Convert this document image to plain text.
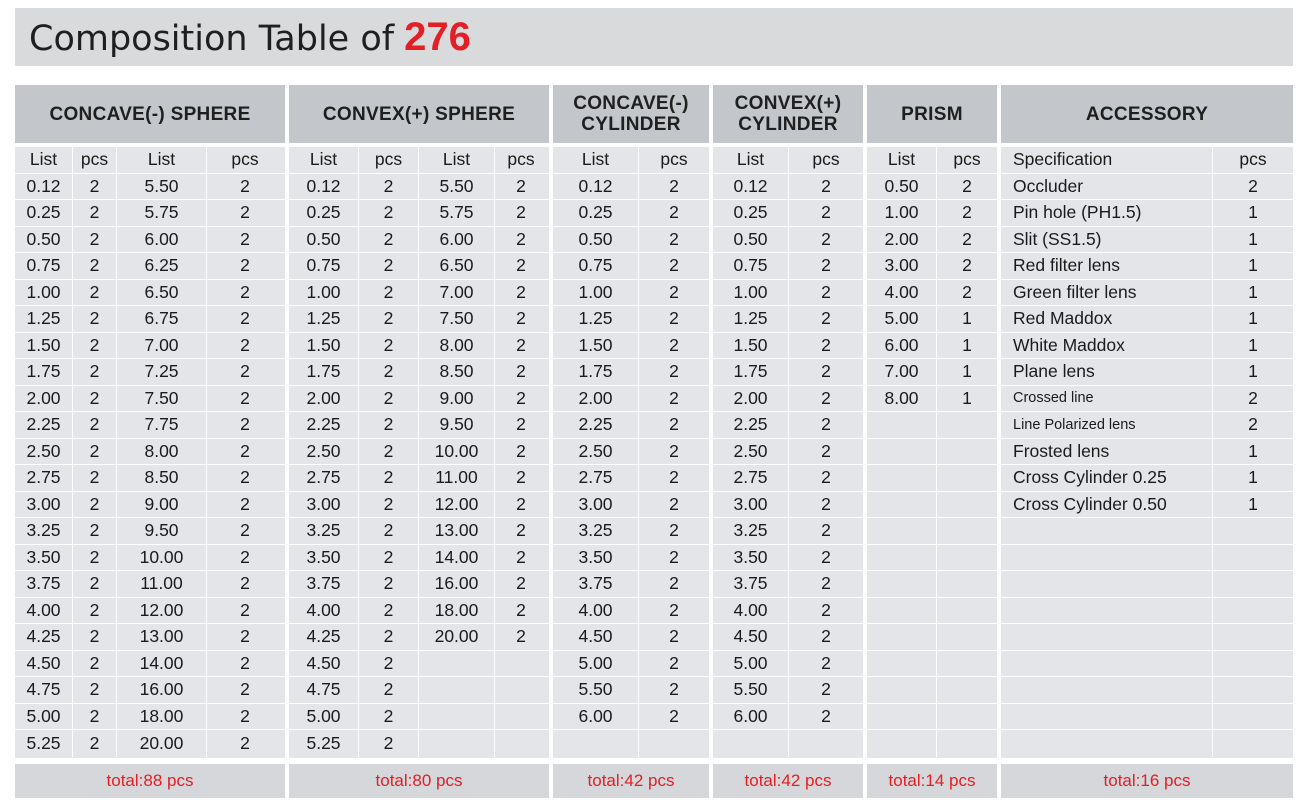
Composition Table of 276
CONCAVE(-) SPHERE
List	pcs	List	pcs
0.12	2	5.50	2
0.25	2	5.75	2
0.50	2	6.00	2
0.75	2	6.25	2
1.00	2	6.50	2
1.25	2	6.75	2
1.50	2	7.00	2
1.75	2	7.25	2
2.00	2	7.50	2
2.25	2	7.75	2
2.50	2	8.00	2
2.75	2	8.50	2
3.00	2	9.00	2
3.25	2	9.50	2
3.50	2	10.00	2
3.75	2	11.00	2
4.00	2	12.00	2
4.25	2	13.00	2
4.50	2	14.00	2
4.75	2	16.00	2
5.00	2	18.00	2
5.25	2	20.00	2
total:88 pcs
CONVEX(+) SPHERE
List	pcs	List	pcs
0.12	2	5.50	2
0.25	2	5.75	2
0.50	2	6.00	2
0.75	2	6.50	2
1.00	2	7.00	2
1.25	2	7.50	2
1.50	2	8.00	2
1.75	2	8.50	2
2.00	2	9.00	2
2.25	2	9.50	2
2.50	2	10.00	2
2.75	2	11.00	2
3.00	2	12.00	2
3.25	2	13.00	2
3.50	2	14.00	2
3.75	2	16.00	2
4.00	2	18.00	2
4.25	2	20.00	2
4.50	2
4.75	2
5.00	2
5.25	2
total:80 pcs
CONCAVE(-)
CYLINDER
List	pcs
0.12	2
0.25	2
0.50	2
0.75	2
1.00	2
1.25	2
1.50	2
1.75	2
2.00	2
2.25	2
2.50	2
2.75	2
3.00	2
3.25	2
3.50	2
3.75	2
4.00	2
4.50	2
5.00	2
5.50	2
6.00	2
total:42 pcs
CONVEX(+)
CYLINDER
List	pcs
0.12	2
0.25	2
0.50	2
0.75	2
1.00	2
1.25	2
1.50	2
1.75	2
2.00	2
2.25	2
2.50	2
2.75	2
3.00	2
3.25	2
3.50	2
3.75	2
4.00	2
4.50	2
5.00	2
5.50	2
6.00	2
total:42 pcs
PRISM
List	pcs
0.50	2
1.00	2
2.00	2
3.00	2
4.00	2
5.00	1
6.00	1
7.00	1
8.00	1
total:14 pcs
ACCESSORY
Specification	pcs
Occluder	2
Pin hole (PH1.5)	1
Slit (SS1.5)	1
Red filter lens	1
Green filter lens	1
Red Maddox	1
White Maddox	1
Plane lens	1
Crossed line	2
Line Polarized lens	2
Frosted lens	1
Cross Cylinder 0.25	1
Cross Cylinder 0.50	1
total:16 pcs
